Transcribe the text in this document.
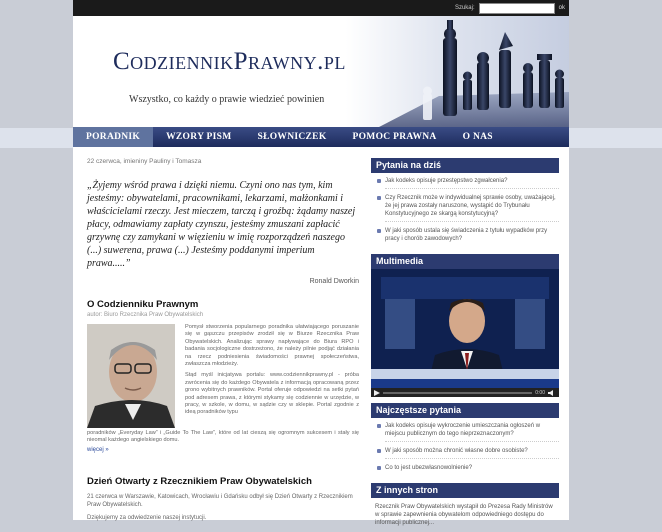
Szukaj:	ok
CodziennikPrawny.pl
Wszystko, co każdy o prawie wiedzieć powinien
PORADNIK	WZORY PISM	SŁOWNICZEK	POMOC PRAWNA	O NAS
22 czerwca, imieniny Pauliny i Tomasza
„Żyjemy wśród prawa i dzięki niemu. Czyni ono nas tym, kim jesteśmy: obywatelami, pracownikami, lekarzami, małżonkami i właścicielami rzeczy. Jest mieczem, tarczą i groźbą: żądamy naszej płacy, odmawiamy zapłaty czynszu, jesteśmy zmuszani zapłacić grzywnę czy zamykani w więzieniu w imię rozporządzeń naszego (...) suwerena, prawa (...) Jesteśmy poddanymi imperium prawa.....”
Ronald Dworkin
O Codzienniku Prawnym
autor: Biuro Rzecznika Praw Obywatelskich

Pomysł stworzenia popularnego poradnika ułatwiającego poruszanie się w gąszczu przepisów zrodził się w Biurze Rzecznika Praw Obywatelskich. Analizując sprawy napływające do Biura RPO i badania socjologiczne dostrzeżono, że należy pilnie podjąć działania na rzecz podniesienia świadomości prawnej społeczeństwa, zwłaszcza młodzieży.

Stąd myśl inicjatywa portalu: www.codziennikprawny.pl - próba zwrócenia się do każdego Obywatela z informacją opracowaną przez grono wybitnych prawników. Portal oferuje odpowiedzi na setki pytań pod adresem prawa, z którymi stykamy się codziennie w urzędzie, w pracy, w szkole, w domu, w sądzie czy w sklepie. Portal zgodnie z ideą poradników typu

poradników „Everyday Law” i „Guide To The Law”, które od lat cieszą się ogromnym sukcesem i stały się nieomal każdego angielskiego domu.
więcej »
Dzień Otwarty z Rzecznikiem Praw Obywatelskich
21 czerwca w Warszawie, Katowicach, Wrocławiu i Gdańsku odbył się Dzień Otwarty z Rzecznikiem Praw Obywatelskich.
Dziękujemy za odwiedzenie naszej instytucji.
Pytania na dziś
Jak kodeks opisuje przestępstwo zgwałcenia?
Czy Rzecznik może w indywidualnej sprawie osoby, uważającej, że jej prawa zostały naruszone, wystąpić do Trybunału Konstytucyjnego ze skargą konstytucyjną?
W jaki sposób ustala się świadczenia z tytułu wypadków przy pracy i chorób zawodowych?
Multimedia
0:00
Najczęstsze pytania
Jak kodeks opisuje wykroczenie umieszczania ogłoszeń w miejscu publicznym do tego nieprzeznaczonym?
W jaki sposób można chronić własne dobre osobiste?
Co to jest ubezwłasnowolnienie?
Z innych stron
Rzecznik Praw Obywatelskich wystąpił do Prezesa Rady Ministrów w sprawie zapewnienia obywatelom odpowiedniego dostępu do informacji publicznej...
